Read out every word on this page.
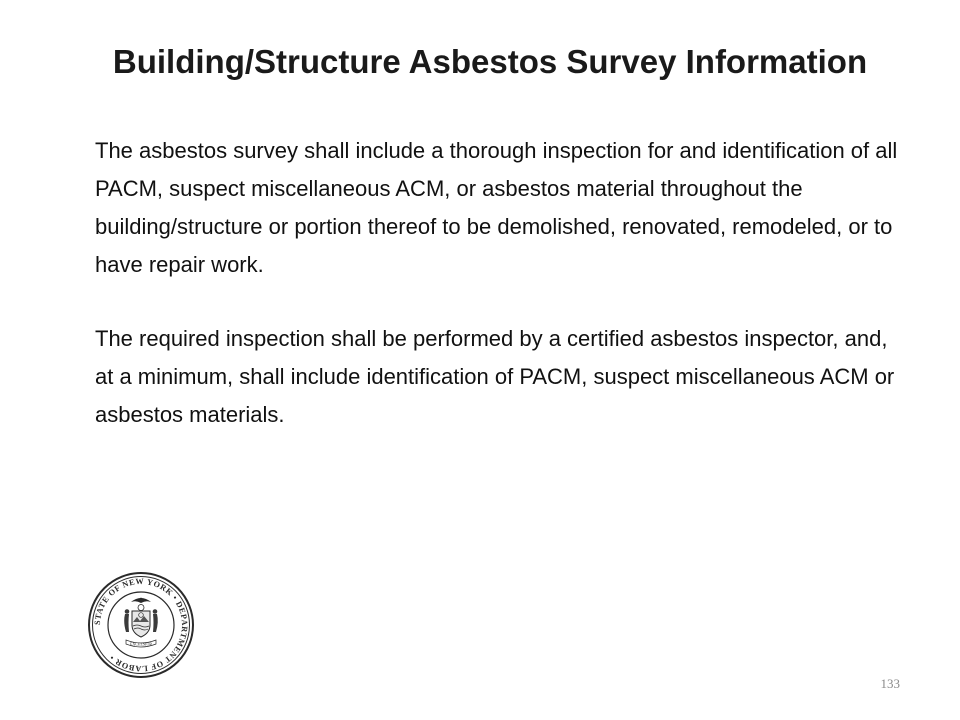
Building/Structure Asbestos Survey Information

The asbestos survey shall include a thorough inspection for and identification of all PACM, suspect miscellaneous ACM, or asbestos material throughout the building/structure or portion thereof to be demolished, renovated, remodeled, or to have repair work.

The required inspection shall be performed by a certified asbestos inspector, and, at a minimum, shall include identification of PACM, suspect miscellaneous ACM or asbestos materials.

STATE OF NEW YORK • DEPARTMENT OF LABOR •
EXCELSIOR
133
